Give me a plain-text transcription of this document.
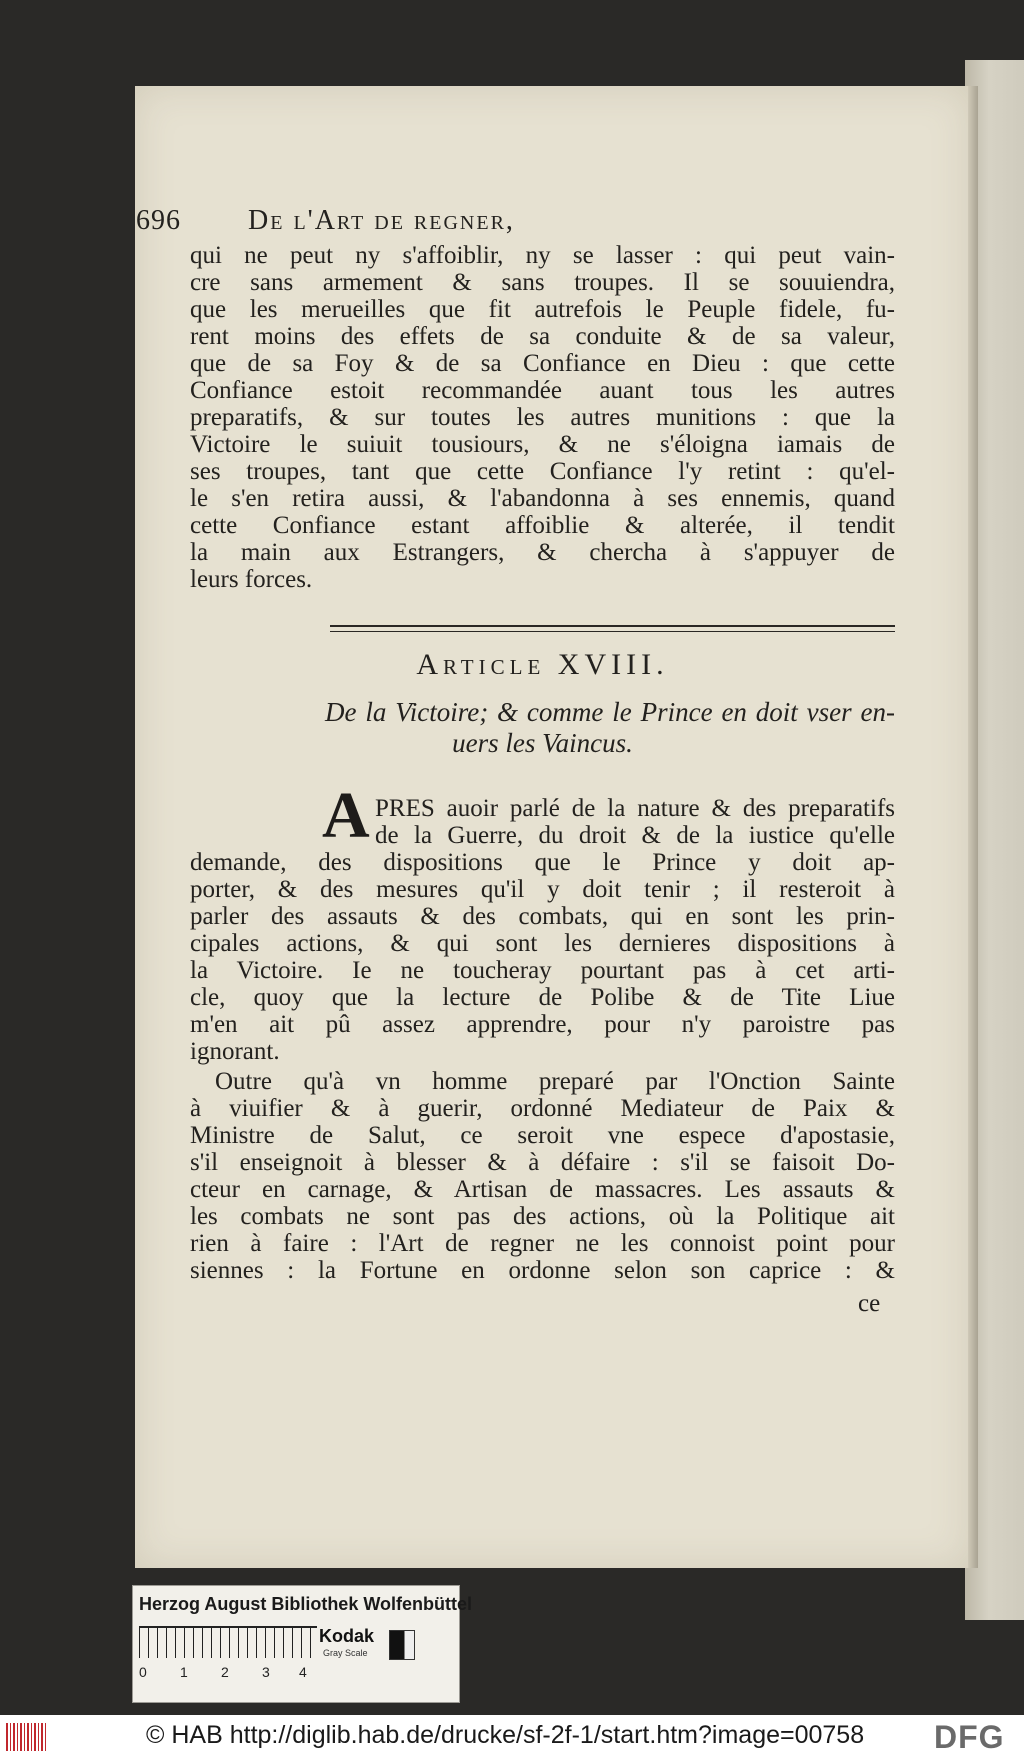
696 De l'Art de regner,
qui ne peut ny s'affoiblir, ny se lasser : qui peut vain-
cre sans armement & sans troupes. Il se souuiendra,
que les merueilles que fit autrefois le Peuple fidele, fu-
rent moins des effets de sa conduite & de sa valeur,
que de sa Foy & de sa Confiance en Dieu : que cette
Confiance estoit recommandée auant tous les autres
preparatifs, & sur toutes les autres munitions : que la
Victoire le suiuit tousiours, & ne s'éloigna iamais de
ses troupes, tant que cette Confiance l'y retint : qu'el-
le s'en retira aussi, & l'abandonna à ses ennemis, quand
cette Confiance estant affoiblie & alterée, il tendit
la main aux Estrangers, & chercha à s'appuyer de
leurs forces.
Article XVIII.
De la Victoire; & comme le Prince en doit vser en-
uers les Vaincus.
A PRES auoir parlé de la nature & des preparatifs
de la Guerre, du droit & de la iustice qu'elle
demande, des dispositions que le Prince y doit ap-
porter, & des mesures qu'il y doit tenir ; il resteroit à
parler des assauts & des combats, qui en sont les prin-
cipales actions, & qui sont les dernieres dispositions à
la Victoire. Ie ne toucheray pourtant pas à cet arti-
cle, quoy que la lecture de Polibe & de Tite Liue
m'en ait pû assez apprendre, pour n'y paroistre pas
ignorant.
Outre qu'à vn homme preparé par l'Onction Sainte
à viuifier & à guerir, ordonné Mediateur de Paix &
Ministre de Salut, ce seroit vne espece d'apostasie,
s'il enseignoit à blesser & à défaire : s'il se faisoit Do-
cteur en carnage, & Artisan de massacres. Les assauts &
les combats ne sont pas des actions, où la Politique ait
rien à faire : l'Art de regner ne les connoist point pour
siennes : la Fortune en ordonne selon son caprice : &
ce
Herzog August Bibliothek Wolfenbüttel
0 1 2 3 4
Kodak
Gray Scale
© HAB http://diglib.hab.de/drucke/sf-2f-1/start.htm?image=00758 DFG
